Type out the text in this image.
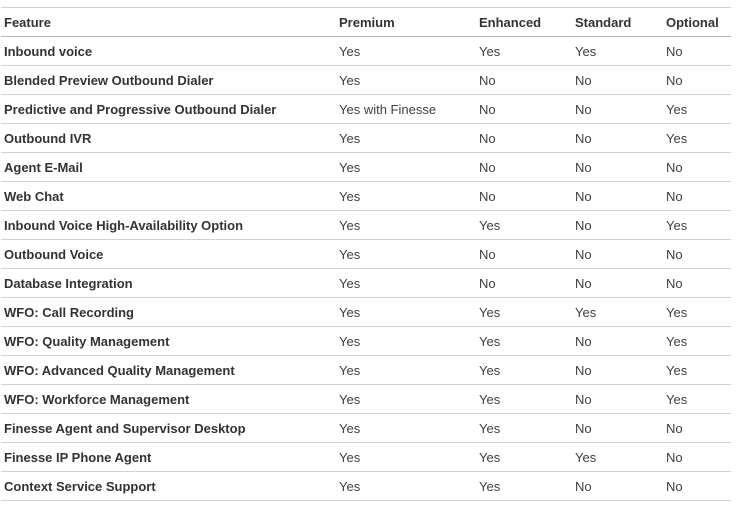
Feature	Premium	Enhanced	Standard	Optional
Inbound voice	Yes	Yes	Yes	No
Blended Preview Outbound Dialer	Yes	No	No	No
Predictive and Progressive Outbound Dialer	Yes with Finesse	No	No	Yes
Outbound IVR	Yes	No	No	Yes
Agent E-Mail	Yes	No	No	No
Web Chat	Yes	No	No	No
Inbound Voice High-Availability Option	Yes	Yes	No	Yes
Outbound Voice	Yes	No	No	No
Database Integration	Yes	No	No	No
WFO: Call Recording	Yes	Yes	Yes	Yes
WFO: Quality Management	Yes	Yes	No	Yes
WFO: Advanced Quality Management	Yes	Yes	No	Yes
WFO: Workforce Management	Yes	Yes	No	Yes
Finesse Agent and Supervisor Desktop	Yes	Yes	No	No
Finesse IP Phone Agent	Yes	Yes	Yes	No
Context Service Support	Yes	Yes	No	No
